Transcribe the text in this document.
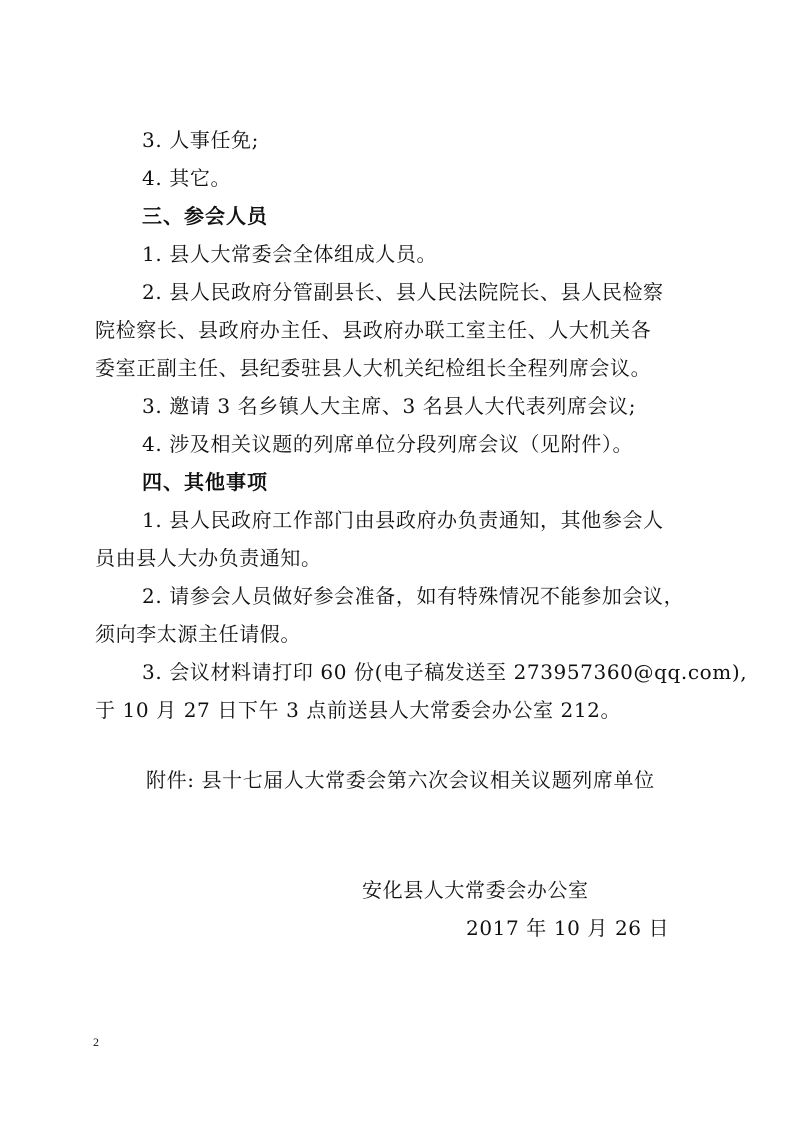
3. 人事任免;
4. 其它。
三、参会人员
1. 县人大常委会全体组成人员。
2. 县人民政府分管副县长、县人民法院院长、县人民检察
院检察长、县政府办主任、县政府办联工室主任、人大机关各
委室正副主任、县纪委驻县人大机关纪检组长全程列席会议。
3. 邀请 3 名乡镇人大主席、3 名县人大代表列席会议;
4. 涉及相关议题的列席单位分段列席会议（见附件）。
四、其他事项
1. 县人民政府工作部门由县政府办负责通知，其他参会人
员由县人大办负责通知。
2. 请参会人员做好参会准备，如有特殊情况不能参加会议，
须向李太源主任请假。
3. 会议材料请打印 60 份(电子稿发送至 273957360@qq.com),
于 10 月 27 日下午 3 点前送县人大常委会办公室 212。
附件: 县十七届人大常委会第六次会议相关议题列席单位
安化县人大常委会办公室
2017 年 10 月 26 日
2
